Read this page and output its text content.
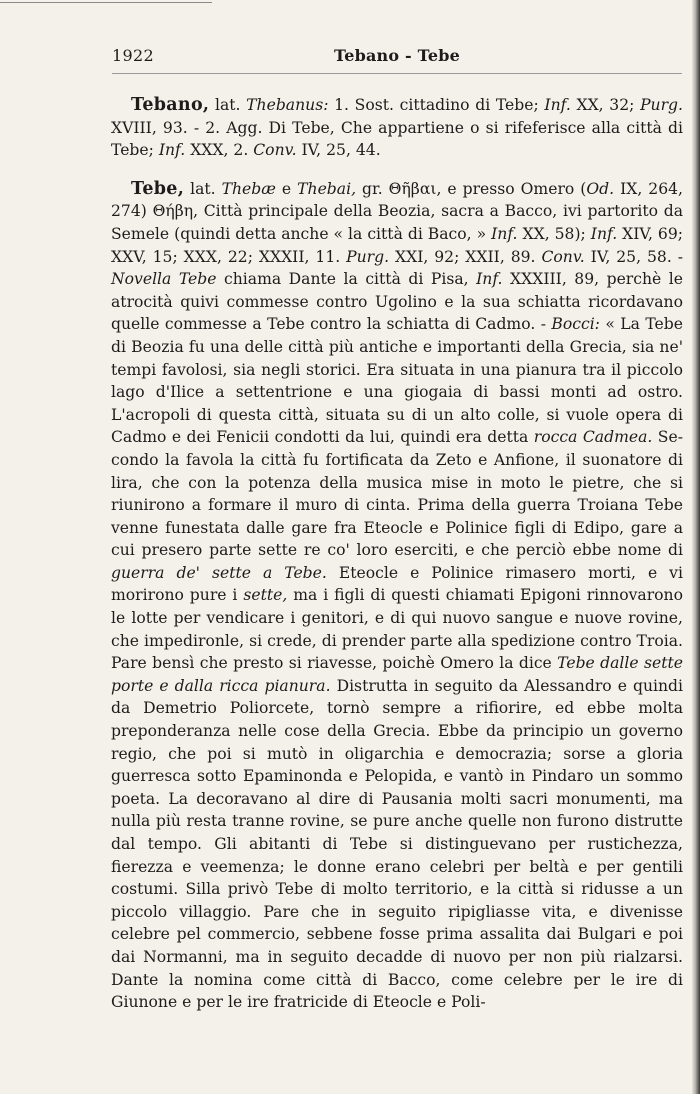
1922	Tebano - Tebe

Tebano, lat. Thebanus: 1. Sost. cittadino di Tebe; Inf. XX, 32; Purg. XVIII, 93. - 2. Agg. Di Tebe, Che appartiene o si rifeferisce alla città di Tebe; Inf. XXX, 2. Conv. IV, 25, 44.

Tebe, lat. Thebæ e Thebai, gr. Θῆβαι, e presso Omero (Od. IX, 264, 274) Θήβη, Città principale della Beozia, sacra a Bacco, ivi partorito da Semele (quindi detta anche « la città di Baco, » Inf. XX, 58); Inf. XIV, 69; XXV, 15; XXX, 22; XXXII, 11. Purg. XXI, 92; XXII, 89. Conv. IV, 25, 58. - Novella Tebe chiama Dante la città di Pisa, Inf. XXXIII, 89, perchè le atrocità quivi commesse contro Ugolino e la sua schiatta ricordavano quelle commesse a Tebe contro la schiatta di Cadmo. - Bocci: « La Tebe di Beozia fu una delle città più antiche e importanti della Grecia, sia ne' tempi favolosi, sia negli storici. Era situata in una pianura tra il piccolo lago d'Ilice a settentrione e una giogaia di bassi monti ad ostro. L'acropoli di questa città, situata su di un alto colle, si vuole opera di Cadmo e dei Fenicii condotti da lui, quindi era detta rocca Cadmea. Secondo la favola la città fu fortificata da Zeto e Anfione, il suonatore di lira, che con la potenza della musica mise in moto le pietre, che si riunirono a formare il muro di cinta. Prima della guerra Troiana Tebe venne funestata dalle gare fra Eteocle e Polinice figli di Edipo, gare a cui presero parte sette re co' loro eserciti, e che perciò ebbe nome di guerra de' sette a Tebe. Eteocle e Polinice rimasero morti, e vi morirono pure i sette, ma i figli di questi chiamati Epigoni rinnovarono le lotte per vendicare i genitori, e di qui nuovo sangue e nuove rovine, che impedironle, si crede, di prender parte alla spedizione contro Troia. Pare bensì che presto si riavesse, poichè Omero la dice Tebe dalle sette porte e dalla ricca pianura. Distrutta in seguito da Alessandro e quindi da Demetrio Poliorcete, tornò sempre a rifiorire, ed ebbe molta preponderanza nelle cose della Grecia. Ebbe da principio un governo regio, che poi si mutò in oligarchia e democrazia; sorse a gloria guerresca sotto Epaminonda e Pelopida, e vantò in Pindaro un sommo poeta. La decoravano al dire di Pausania molti sacri monumenti, ma nulla più resta tranne rovine, se pure anche quelle non furono distrutte dal tempo. Gli abitanti di Tebe si distinguevano per rustichezza, fierezza e veemenza; le donne erano celebri per beltà e per gentili costumi. Silla privò Tebe di molto territorio, e la città si ridusse a un piccolo villaggio. Pare che in seguito ripigliasse vita, e divenisse celebre pel commercio, sebbene fosse prima assalita dai Bulgari e poi dai Normanni, ma in seguito decadde di nuovo per non più rialzarsi. Dante la nomina come città di Bacco, come celebre per le ire di Giunone e per le ire fratricide di Eteocle e Poli-
